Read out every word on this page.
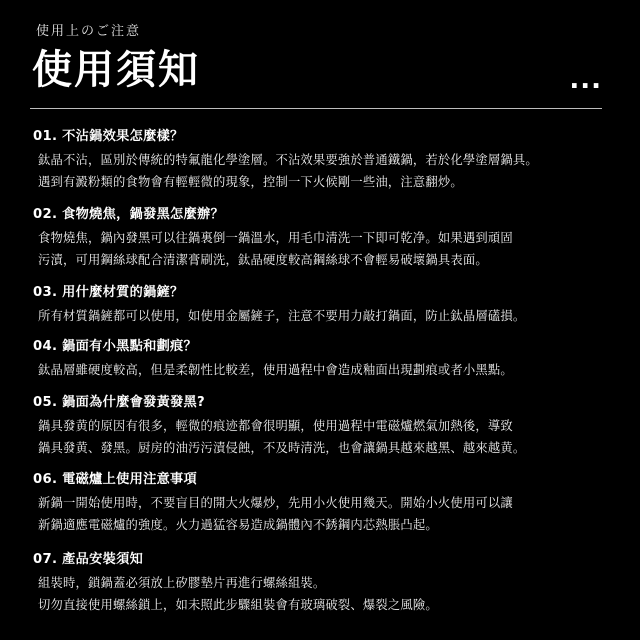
使用上のご注意
使用須知	...
01. 不沾鍋效果怎麼樣？
鈦晶不沾，區別於傳統的特氟龍化學塗層。不沾效果要強於普通鐵鍋，若於化學塗層鍋具。
遇到有澱粉類的食物會有輕輕微的現象，控制一下火候剛一些油，注意翻炒。
02. 食物燒焦，鍋發黑怎麼辦？
食物燒焦，鍋內發黑可以往鍋裏倒一鍋溫水，用毛巾清洗一下即可乾净。如果遇到頑固
污漬，可用鋼絲球配合清潔膏刷洗，鈦晶硬度較高鋼絲球不會輕易破壞鍋具表面。
03. 用什麼材質的鍋鏟？
所有材質鍋鏟都可以使用，如使用金屬鏟子，注意不要用力敲打鍋面，防止鈦晶層礚損。
04. 鍋面有小黑點和劃痕？
鈦晶層雖硬度較高，但是柔韌性比較差，使用過程中會造成釉面出現劃痕或者小黑點。
05. 鍋面為什麼會發黃發黑?
鍋具發黄的原因有很多，輕微的痕迹都會很明顯，使用過程中電磁爐燃氣加熱後，導致
鍋具發黄、發黑。厨房的油汚污漬侵蝕，不及時清洗，也會讓鍋具越來越黑、越來越黄。
06. 電磁爐上使用注意事項
新鍋一開始使用時，不要盲目的開大火爆炒，先用小火使用幾天。開始小火使用可以讓
新鍋適應電磁爐的強度。火力過猛容易造成鍋體內不銹鋼内芯熱脹凸起。
07. 產品安裝須知
組裝時，鎖鍋蓋必須放上矽膠墊片再進行螺絲組裝。
切勿直接使用螺絲鎖上，如未照此步驟組裝會有玻璃破裂、爆裂之風險。
